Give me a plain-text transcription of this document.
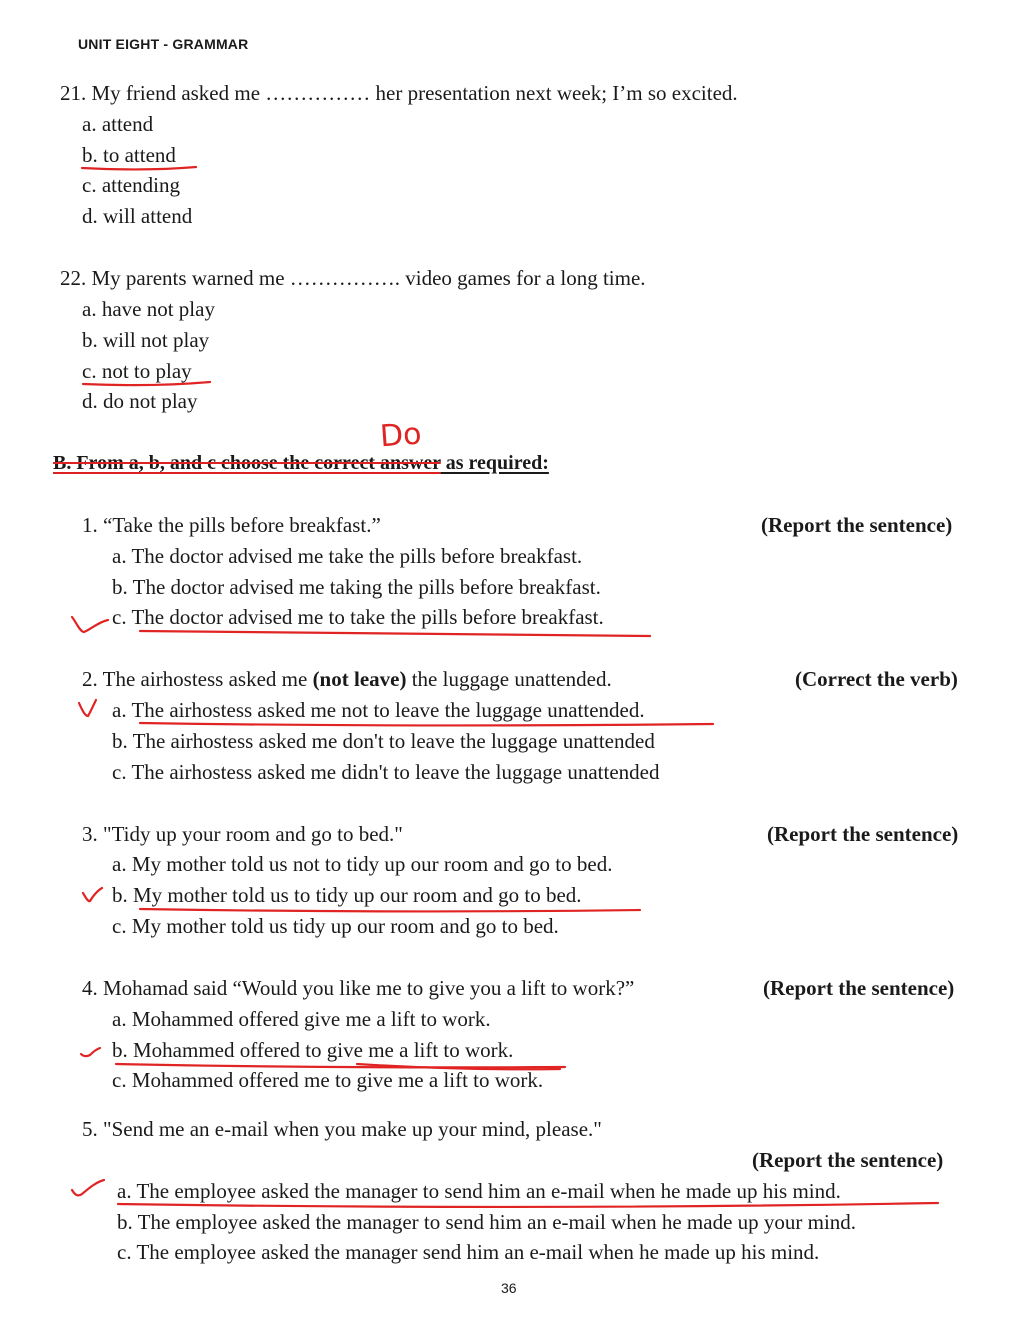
UNIT EIGHT - GRAMMAR
21. My friend asked me …………… her presentation next week; I’m so excited.
a. attend
b. to attend
c. attending
d. will attend
22. My parents warned me ……………. video games for a long time.
a. have not play
b. will not play
c. not to play
d. do not play
B. From a, b, and c choose the correct answer as required:
Do
1. “Take the pills before breakfast.”	(Report the sentence)
a. The doctor advised me take the pills before breakfast.
b. The doctor advised me taking the pills before breakfast.
c. The doctor advised me to take the pills before breakfast.
2. The airhostess asked me (not leave) the luggage unattended.	(Correct the verb)
a. The airhostess asked me not to leave the luggage unattended.
b. The airhostess asked me don't to leave the luggage unattended
c. The airhostess asked me didn't to leave the luggage unattended
3. "Tidy up your room and go to bed."	(Report the sentence)
a. My mother told us not to tidy up our room and go to bed.
b. My mother told us to tidy up our room and go to bed.
c. My mother told us tidy up our room and go to bed.
4. Mohamad said “Would you like me to give you a lift to work?”	(Report the sentence)
a. Mohammed offered give me a lift to work.
b. Mohammed offered to give me a lift to work.
c. Mohammed offered me to give me a lift to work.
5. "Send me an e-mail when you make up your mind, please."
(Report the sentence)
a. The employee asked the manager to send him an e-mail when he made up his mind.
b. The employee asked the manager to send him an e-mail when he made up your mind.
c. The employee asked the manager send him an e-mail when he made up his mind.
36
